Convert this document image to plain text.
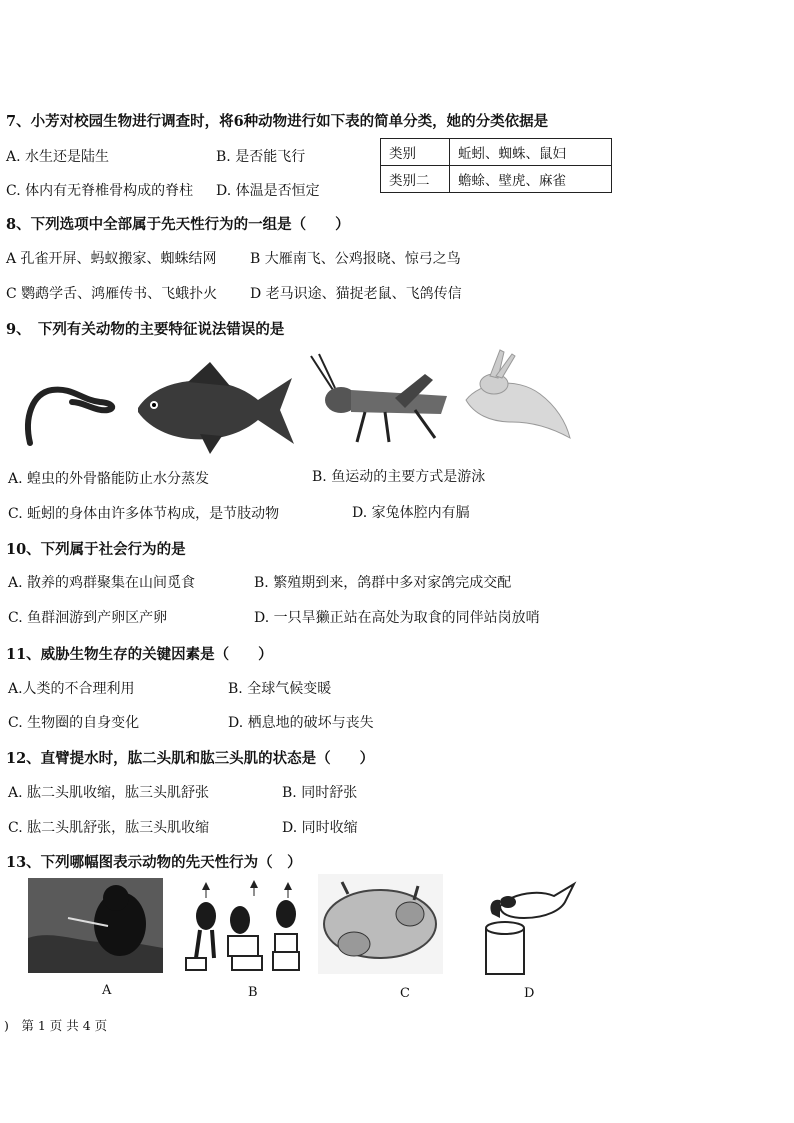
7、小芳对校园生物进行调查时，将6种动物进行如下表的简单分类，她的分类依据是
A. 水生还是陆生	B. 是否能飞行
C. 体内有无脊椎骨构成的脊柱 D. 体温是否恒定
类别	蚯蚓、蜘蛛、鼠妇
类别二	蟾蜍、壁虎、麻雀
8、下列选项中全部属于先天性行为的一组是（　　）
A 孔雀开屏、蚂蚁搬家、蜘蛛结网 B 大雁南飞、公鸡报晓、惊弓之鸟
C 鹦鹉学舌、鸿雁传书、飞蛾扑火 D 老马识途、猫捉老鼠、飞鸽传信
9、　下列有关动物的主要特征说法错误的是
A. 蝗虫的外骨骼能防止水分蒸发	B. 鱼运动的主要方式是游泳
C. 蚯蚓的身体由许多体节构成，是节肢动物	D. 家兔体腔内有膈
10、下列属于社会行为的是
A. 散养的鸡群聚集在山间觅食	B. 繁殖期到来，鸽群中多对家鸽完成交配
C. 鱼群洄游到产卵区产卵	D. 一只旱獭正站在高处为取食的同伴站岗放哨
11、威胁生物生存的关键因素是（　　）
A.人类的不合理利用	B. 全球气候变暖
C. 生物圈的自身变化	D. 栖息地的破坏与丧失
12、直臂提水时，肱二头肌和肱三头肌的状态是（　　）
A. 肱二头肌收缩，肱三头肌舒张	B. 同时舒张
C. 肱二头肌舒张，肱三头肌收缩	D. 同时收缩
13、下列哪幅图表示动物的先天性行为（　）
A	B	C	D
)　第 1 页 共 4 页
